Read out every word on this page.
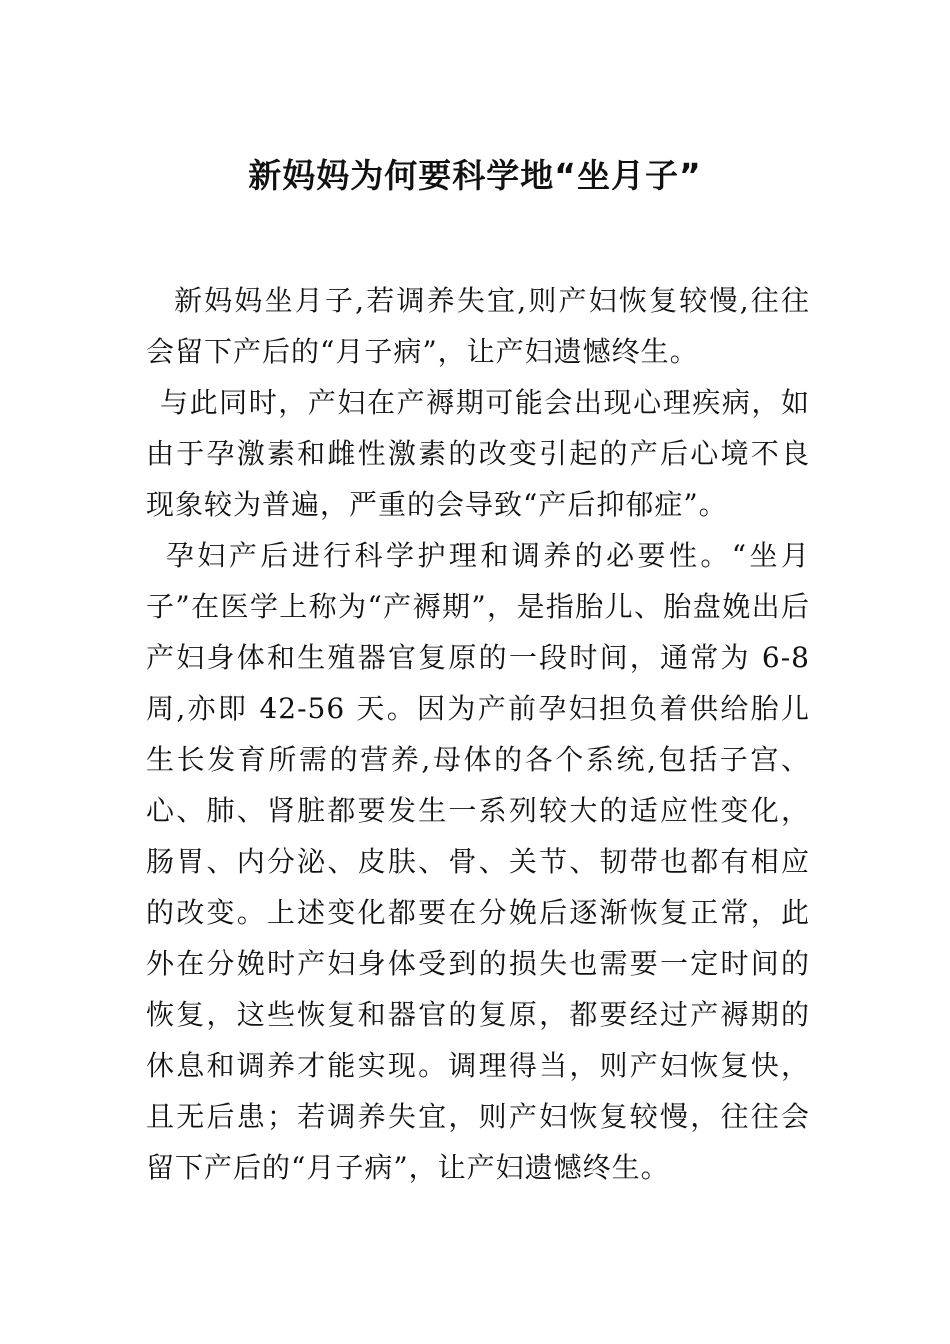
新妈妈为何要科学地“坐月子”

新妈妈坐月子,若调养失宜,则产妇恢复较慢,往往会留下产后的“月子病”，让产妇遗憾终生。

与此同时，产妇在产褥期可能会出现心理疾病，如由于孕激素和雌性激素的改变引起的产后心境不良现象较为普遍，严重的会导致“产后抑郁症”。

孕妇产后进行科学护理和调养的必要性。“坐月子”在医学上称为“产褥期”，是指胎儿、胎盘娩出后产妇身体和生殖器官复原的一段时间，通常为 6-8 周,亦即 42-56 天。因为产前孕妇担负着供给胎儿生长发育所需的营养,母体的各个系统,包括子宫、心、肺、肾脏都要发生一系列较大的适应性变化，肠胃、内分泌、皮肤、骨、关节、韧带也都有相应的改变。上述变化都要在分娩后逐渐恢复正常，此外在分娩时产妇身体受到的损失也需要一定时间的恢复，这些恢复和器官的复原，都要经过产褥期的休息和调养才能实现。调理得当，则产妇恢复快，且无后患；若调养失宜，则产妇恢复较慢，往往会留下产后的“月子病”，让产妇遗憾终生。
